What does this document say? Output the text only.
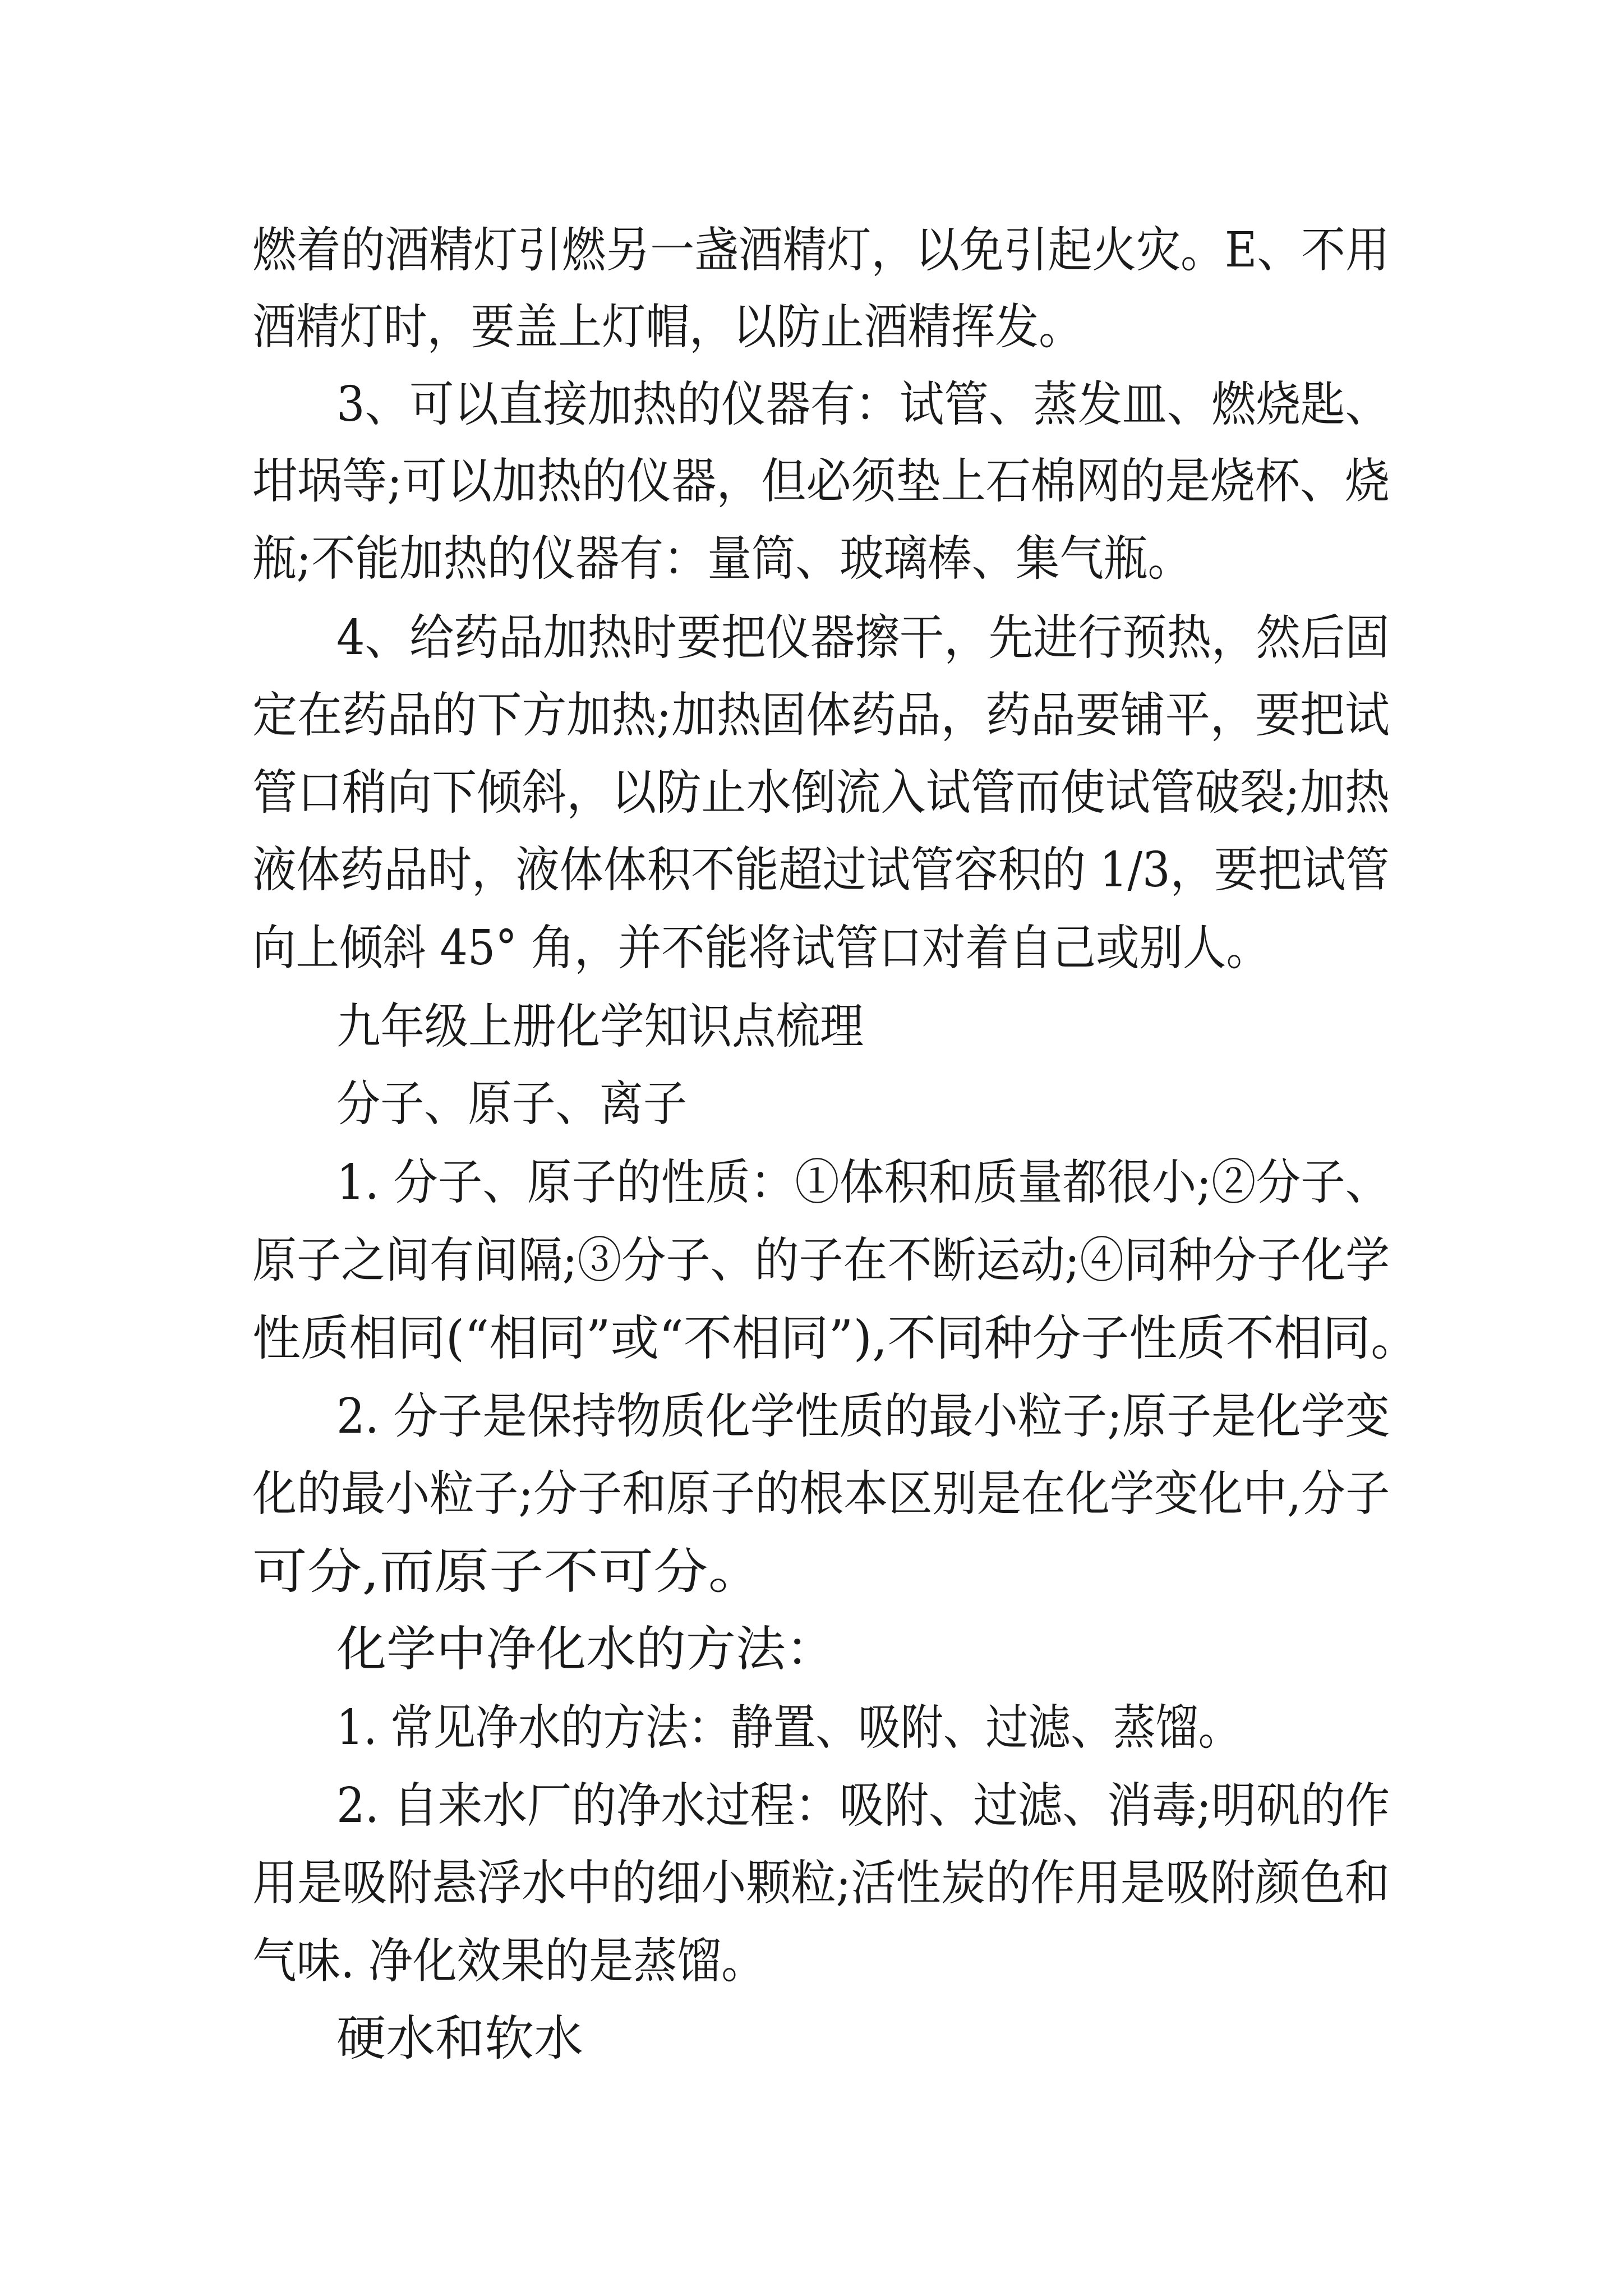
燃着的酒精灯引燃另一盏酒精灯，以免引起火灾。E、不用
酒精灯时，要盖上灯帽，以防止酒精挥发。
3、可以直接加热的仪器有：试管、蒸发皿、燃烧匙、
坩埚等;可以加热的仪器，但必须垫上石棉网的是烧杯、烧
瓶;不能加热的仪器有：量筒、玻璃棒、集气瓶。
4、给药品加热时要把仪器擦干，先进行预热，然后固
定在药品的下方加热;加热固体药品，药品要铺平，要把试
管口稍向下倾斜，以防止水倒流入试管而使试管破裂;加热
液体药品时，液体体积不能超过试管容积的 1/3，要把试管
向上倾斜 45° 角，并不能将试管口对着自己或别人。
九年级上册化学知识点梳理
分子、原子、离子
1. 分子、原子的性质：①体积和质量都很小;②分子、
原子之间有间隔;③分子、的子在不断运动;④同种分子化学
性质相同(“相同”或“不相同”),不同种分子性质不相同。
2. 分子是保持物质化学性质的最小粒子;原子是化学变
化的最小粒子;分子和原子的根本区别是在化学变化中,分子
可分,而原子不可分。
化学中净化水的方法：
1. 常见净水的方法：静置、吸附、过滤、蒸馏。
2. 自来水厂的净水过程：吸附、过滤、消毒;明矾的作
用是吸附悬浮水中的细小颗粒;活性炭的作用是吸附颜色和
气味. 净化效果的是蒸馏。
硬水和软水
